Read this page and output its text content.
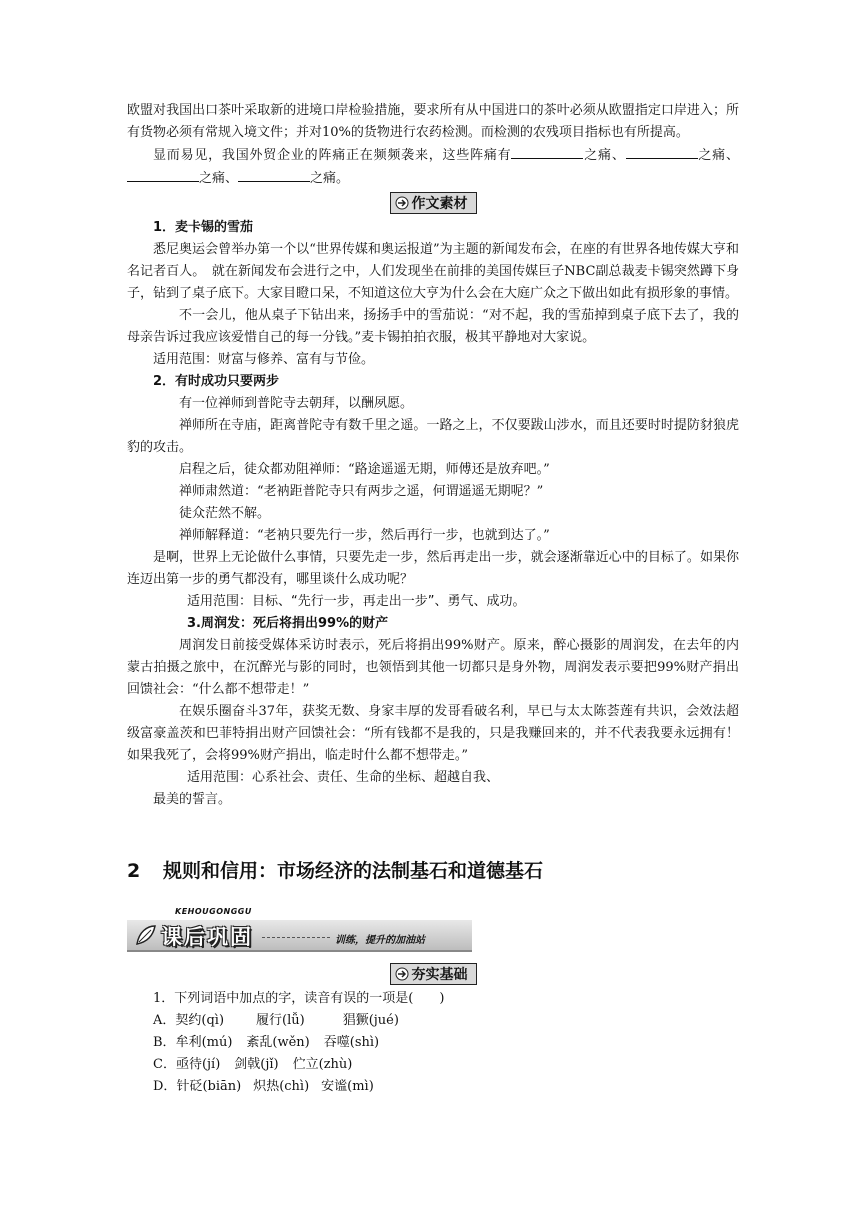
欧盟对我国出口茶叶采取新的进境口岸检验措施，要求所有从中国进口的茶叶必须从欧盟指定口岸进入；所有货物必须有常规入境文件；并对10%的货物进行农药检测。而检测的农残项目指标也有所提高。

显而易见，我国外贸企业的阵痛正在频频袭来，这些阵痛有	之痛、	之痛、之痛、	之痛。

作文素材

1．麦卡锡的雪茄

悉尼奥运会曾举办第一个以“世界传媒和奥运报道”为主题的新闻发布会，在座的有世界各地传媒大亨和名记者百人。　就在新闻发布会进行之中，人们发现坐在前排的美国传媒巨子NBC副总裁麦卡锡突然蹲下身子，钻到了桌子底下。大家目瞪口呆，不知道这位大亨为什么会在大庭广众之下做出如此有损形象的事情。

不一会儿，他从桌子下钻出来，扬扬手中的雪茄说：“对不起，我的雪茄掉到桌子底下去了，我的母亲告诉过我应该爱惜自己的每一分钱。”麦卡锡拍拍衣服，极其平静地对大家说。

适用范围：财富与修养、富有与节俭。

2．有时成功只要两步

有一位禅师到普陀寺去朝拜，以酬夙愿。

禅师所在寺庙，距离普陀寺有数千里之遥。一路之上，不仅要跋山涉水，而且还要时时提防豺狼虎豹的攻击。

启程之后，徒众都劝阻禅师：“路途遥遥无期，师傅还是放弃吧。”

禅师肃然道：“老衲距普陀寺只有两步之遥，何谓遥遥无期呢？”

徒众茫然不解。

禅师解释道：“老衲只要先行一步，然后再行一步，也就到达了。”

是啊，世界上无论做什么事情，只要先走一步，然后再走出一步，就会逐渐靠近心中的目标了。如果你连迈出第一步的勇气都没有，哪里谈什么成功呢？

适用范围：目标、“先行一步，再走出一步”、勇气、成功。

3.周润发：死后将捐出99%的财产

周润发日前接受媒体采访时表示，死后将捐出99%财产。原来，醉心摄影的周润发，在去年的内蒙古拍摄之旅中，在沉醉光与影的同时，也领悟到其他一切都只是身外物，周润发表示要把99%财产捐出回馈社会：“什么都不想带走！”

在娱乐圈奋斗37年，获奖无数、身家丰厚的发哥看破名利，早已与太太陈荟莲有共识，会效法超级富豪盖茨和巴菲特捐出财产回馈社会：“所有钱都不是我的，只是我赚回来的，并不代表我要永远拥有！如果我死了，会将99%财产捐出，临走时什么都不想带走。”

适用范围：心系社会、责任、生命的坐标、超越自我、

最美的誓言。

2 规则和信用：市场经济的法制基石和道德基石
KEHOUGONGGU
课后巩固	训练，提升的加油站
夯实基础

1．下列词语中加点的字，读音有误的一项是(　　)

A．契约(qì) 履行(lǚ)	猖獗(jué)

B．牟利(mú) 紊乱(wěn) 吞噬(shì)

C．亟待(jí) 剑戟(jǐ) 伫立(zhù)

D．针砭(biān) 炽热(chì) 安谧(mì)
